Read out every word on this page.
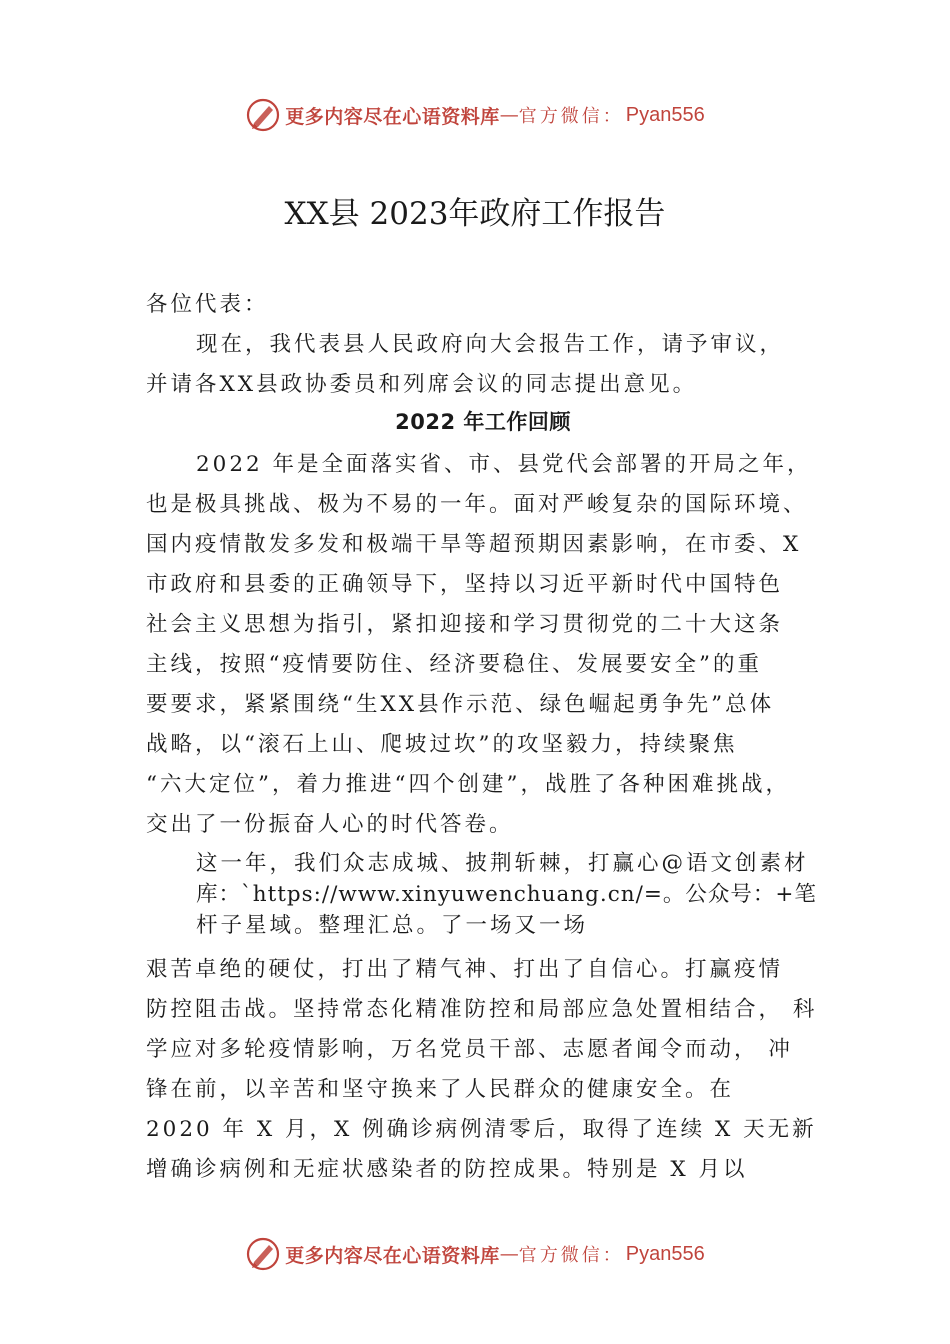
更多内容尽在心语资料库 — 官方微信： Pyan556
XX县 2023年政府工作报告
各位代表：
现在，我代表县人民政府向大会报告工作，请予审议，
并请各XX县政协委员和列席会议的同志提出意见。
2022 年工作回顾
2022 年是全面落实省、市、县党代会部署的开局之年，
也是极具挑战、极为不易的一年。面对严峻复杂的国际环境、
国内疫情散发多发和极端干旱等超预期因素影响，在市委、X
市政府和县委的正确领导下，坚持以习近平新时代中国特色
社会主义思想为指引，紧扣迎接和学习贯彻党的二十大这条
主线，按照“疫情要防住、经济要稳住、发展要安全”的重
要要求，紧紧围绕“生XX县作示范、绿色崛起勇争先”总体
战略，以“滚石上山、爬坡过坎”的攻坚毅力，持续聚焦
“六大定位”，着力推进“四个创建”，战胜了各种困难挑战，
交出了一份振奋人心的时代答卷。
这一年，我们众志成城、披荆斩棘，打赢心@语文创素材
库：`https://www.xinyuwenchuang.cn/=。公众号：+笔
杆子星域。整理汇总。了一场又一场
艰苦卓绝的硬仗，打出了精气神、打出了自信心。打赢疫情
防控阻击战。坚持常态化精准防控和局部应急处置相结合， 科
学应对多轮疫情影响，万名党员干部、志愿者闻令而动， 冲
锋在前，以辛苦和坚守换来了人民群众的健康安全。在
2020 年 X 月，X 例确诊病例清零后，取得了连续 X 天无新
增确诊病例和无症状感染者的防控成果。特别是 X 月以
更多内容尽在心语资料库 — 官方微信： Pyan556
